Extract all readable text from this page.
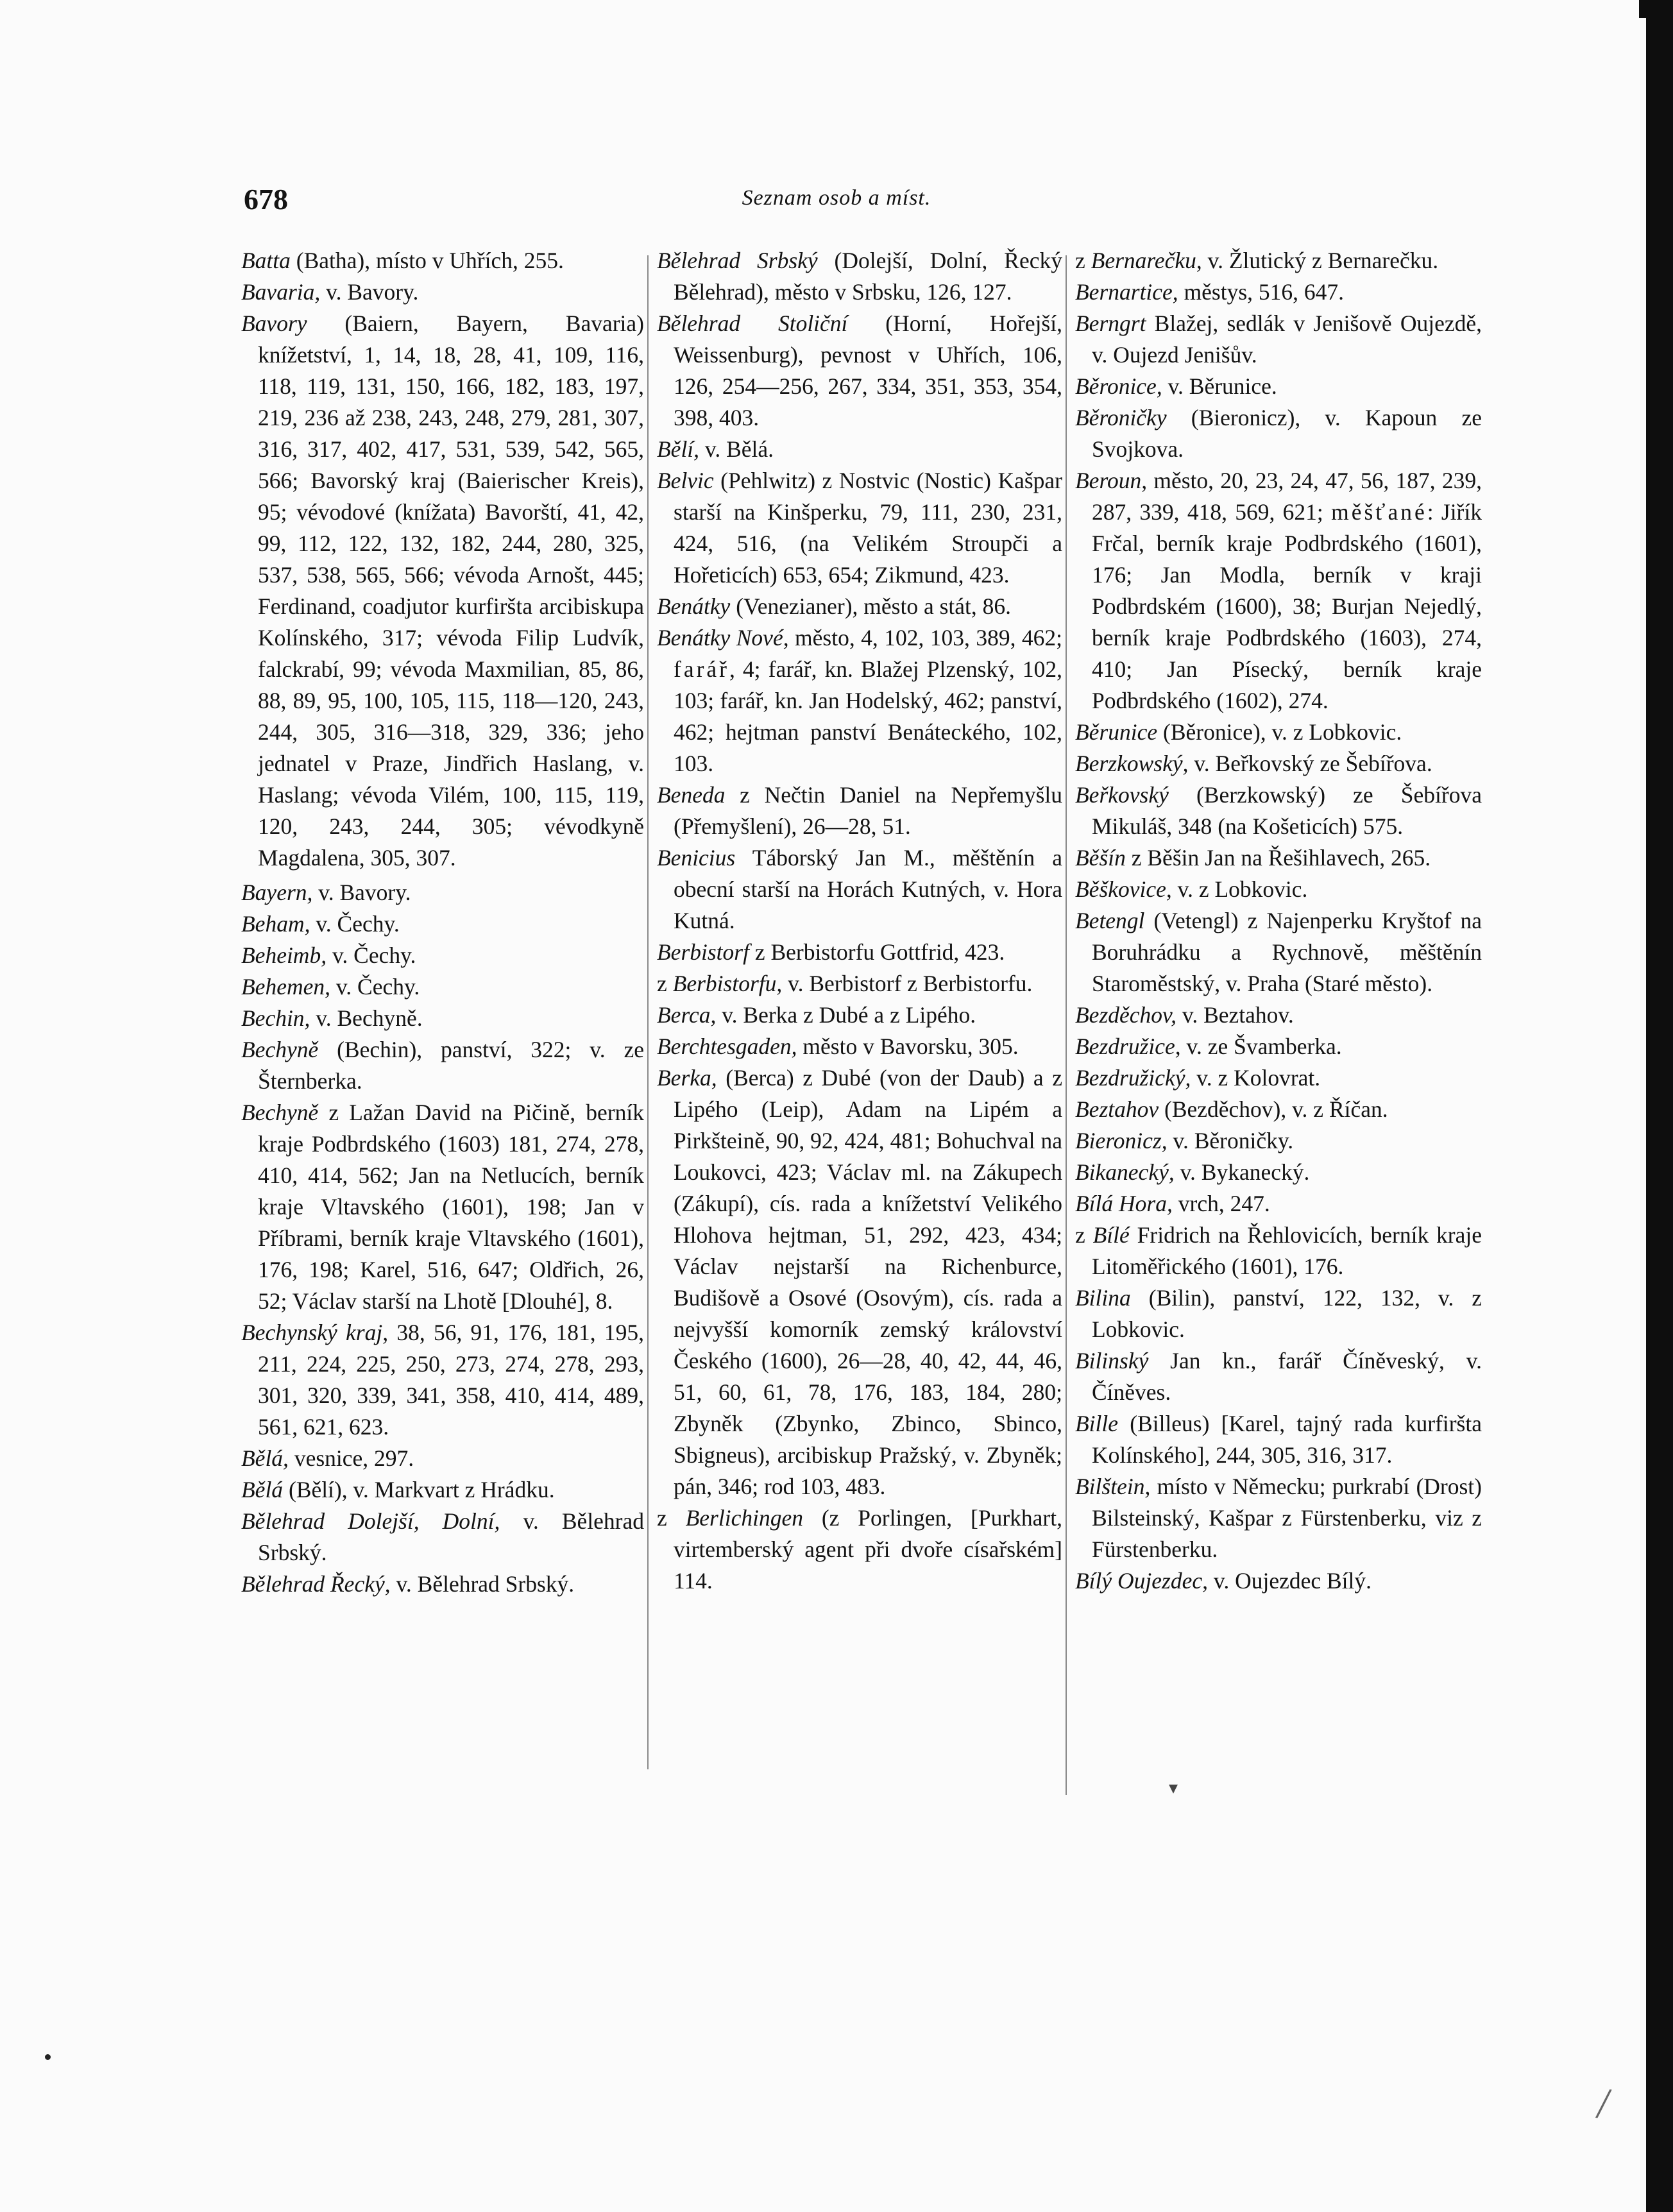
678	Seznam osob a míst.
Batta (Batha), místo v Uhřích, 255.
Bavaria, v. Bavory.
Bavory (Baiern, Bayern, Bavaria) knížetství, 1, 14, 18, 28, 41, 109, 116, 118, 119, 131, 150, 166, 182, 183, 197, 219, 236 až 238, 243, 248, 279, 281, 307, 316, 317, 402, 417, 531, 539, 542, 565, 566; Bavorský kraj (Baierischer Kreis), 95; vévodové (knížata) Bavorští, 41, 42, 99, 112, 122, 132, 182, 244, 280, 325, 537, 538, 565, 566; vévoda Arnošt, 445; Ferdinand, coadjutor kurfiršta arcibiskupa Kolínského, 317; vévoda Filip Ludvík, falckrabí, 99; vévoda Maxmilian, 85, 86, 88, 89, 95, 100, 105, 115, 118—120, 243, 244, 305, 316—318, 329, 336; jeho jednatel v Praze, Jindřich Haslang, v. Haslang; vévoda Vilém, 100, 115, 119, 120, 243, 244, 305; vévodkyně Magdalena, 305, 307.
Bayern, v. Bavory.
Beham, v. Čechy.
Beheimb, v. Čechy.
Behemen, v. Čechy.
Bechin, v. Bechyně.
Bechyně (Bechin), panství, 322; v. ze Šternberka.
Bechyně z Lažan David na Pičině, berník kraje Podbrdského (1603) 181, 274, 278, 410, 414, 562; Jan na Netlucích, berník kraje Vltavského (1601), 198; Jan v Příbrami, berník kraje Vltavského (1601), 176, 198; Karel, 516, 647; Oldřich, 26, 52; Václav starší na Lhotě [Dlouhé], 8.
Bechynský kraj, 38, 56, 91, 176, 181, 195, 211, 224, 225, 250, 273, 274, 278, 293, 301, 320, 339, 341, 358, 410, 414, 489, 561, 621, 623.
Bělá, vesnice, 297.
Bělá (Bělí), v. Markvart z Hrádku.
Bělehrad Dolejší, Dolní, v. Bělehrad Srbský.
Bělehrad Řecký, v. Bělehrad Srbský.
Bělehrad Srbský (Dolejší, Dolní, Řecký Bělehrad), město v Srbsku, 126, 127.
Bělehrad Stoliční (Horní, Hořejší, Weissenburg), pevnost v Uhřích, 106, 126, 254—256, 267, 334, 351, 353, 354, 398, 403.
Bělí, v. Bělá.
Belvic (Pehlwitz) z Nostvic (Nostic) Kašpar starší na Kinšperku, 79, 111, 230, 231, 424, 516, (na Velikém Stroupči a Hořeticích) 653, 654; Zikmund, 423.
Benátky (Venezianer), město a stát, 86.
Benátky Nové, město, 4, 102, 103, 389, 462; farář, 4; farář, kn. Blažej Plzenský, 102, 103; farář, kn. Jan Hodelský, 462; panství, 462; hejtman panství Benáteckého, 102, 103.
Beneda z Nečtin Daniel na Nepřemyšlu (Přemyšlení), 26—28, 51.
Benicius Táborský Jan M., měštěnín a obecní starší na Horách Kutných, v. Hora Kutná.
Berbistorf z Berbistorfu Gottfrid, 423.
z Berbistorfu, v. Berbistorf z Berbistorfu.
Berca, v. Berka z Dubé a z Lipého.
Berchtesgaden, město v Bavorsku, 305.
Berka, (Berca) z Dubé (von der Daub) a z Lipého (Leip), Adam na Lipém a Pirkšteině, 90, 92, 424, 481; Bohuchval na Loukovci, 423; Václav ml. na Zákupech (Zákupí), cís. rada a knížetství Velikého Hlohova hejtman, 51, 292, 423, 434; Václav nejstarší na Richenburce, Budišově a Osové (Osovým), cís. rada a nejvyšší komorník zemský království Českého (1600), 26—28, 40, 42, 44, 46, 51, 60, 61, 78, 176, 183, 184, 280; Zbyněk (Zbynko, Zbinco, Sbinco, Sbigneus), arcibiskup Pražský, v. Zbyněk; pán, 346; rod 103, 483.
z Berlichingen (z Porlingen, [Purkhart, virtemberský agent při dvoře císařském] 114.
z Bernarečku, v. Žlutický z Bernarečku.
Bernartice, městys, 516, 647.
Berngrt Blažej, sedlák v Jenišově Oujezdě, v. Oujezd Jenišův.
Běronice, v. Běrunice.
Běroničky (Bieronicz), v. Kapoun ze Svojkova.
Beroun, město, 20, 23, 24, 47, 56, 187, 239, 287, 339, 418, 569, 621; měšťané: Jiřík Frčal, berník kraje Podbrdského (1601), 176; Jan Modla, berník v kraji Podbrdském (1600), 38; Burjan Nejedlý, berník kraje Podbrdského (1603), 274, 410; Jan Písecký, berník kraje Podbrdského (1602), 274.
Běrunice (Běronice), v. z Lobkovic.
Berzkowský, v. Beřkovský ze Šebířova.
Beřkovský (Berzkowský) ze Šebířova Mikuláš, 348 (na Košeticích) 575.
Běšín z Běšin Jan na Řešihlavech, 265.
Běškovice, v. z Lobkovic.
Betengl (Vetengl) z Najenperku Kryštof na Boruhrádku a Rychnově, měštěnín Staroměstský, v. Praha (Staré město).
Bezděchov, v. Beztahov.
Bezdružice, v. ze Švamberka.
Bezdružický, v. z Kolovrat.
Beztahov (Bezděchov), v. z Říčan.
Bieronicz, v. Běroničky.
Bikanecký, v. Bykanecký.
Bílá Hora, vrch, 247.
z Bílé Fridrich na Řehlovicích, berník kraje Litoměřického (1601), 176.
Bilina (Bilin), panství, 122, 132, v. z Lobkovic.
Bilinský Jan kn., farář Číněveský, v. Číněves.
Bille (Billeus) [Karel, tajný rada kurfiršta Kolínského], 244, 305, 316, 317.
Bilštein, místo v Německu; purkrabí (Drost) Bilsteinský, Kašpar z Fürstenberku, viz z Fürstenberku.
Bílý Oujezdec, v. Oujezdec Bílý.
▾
/
